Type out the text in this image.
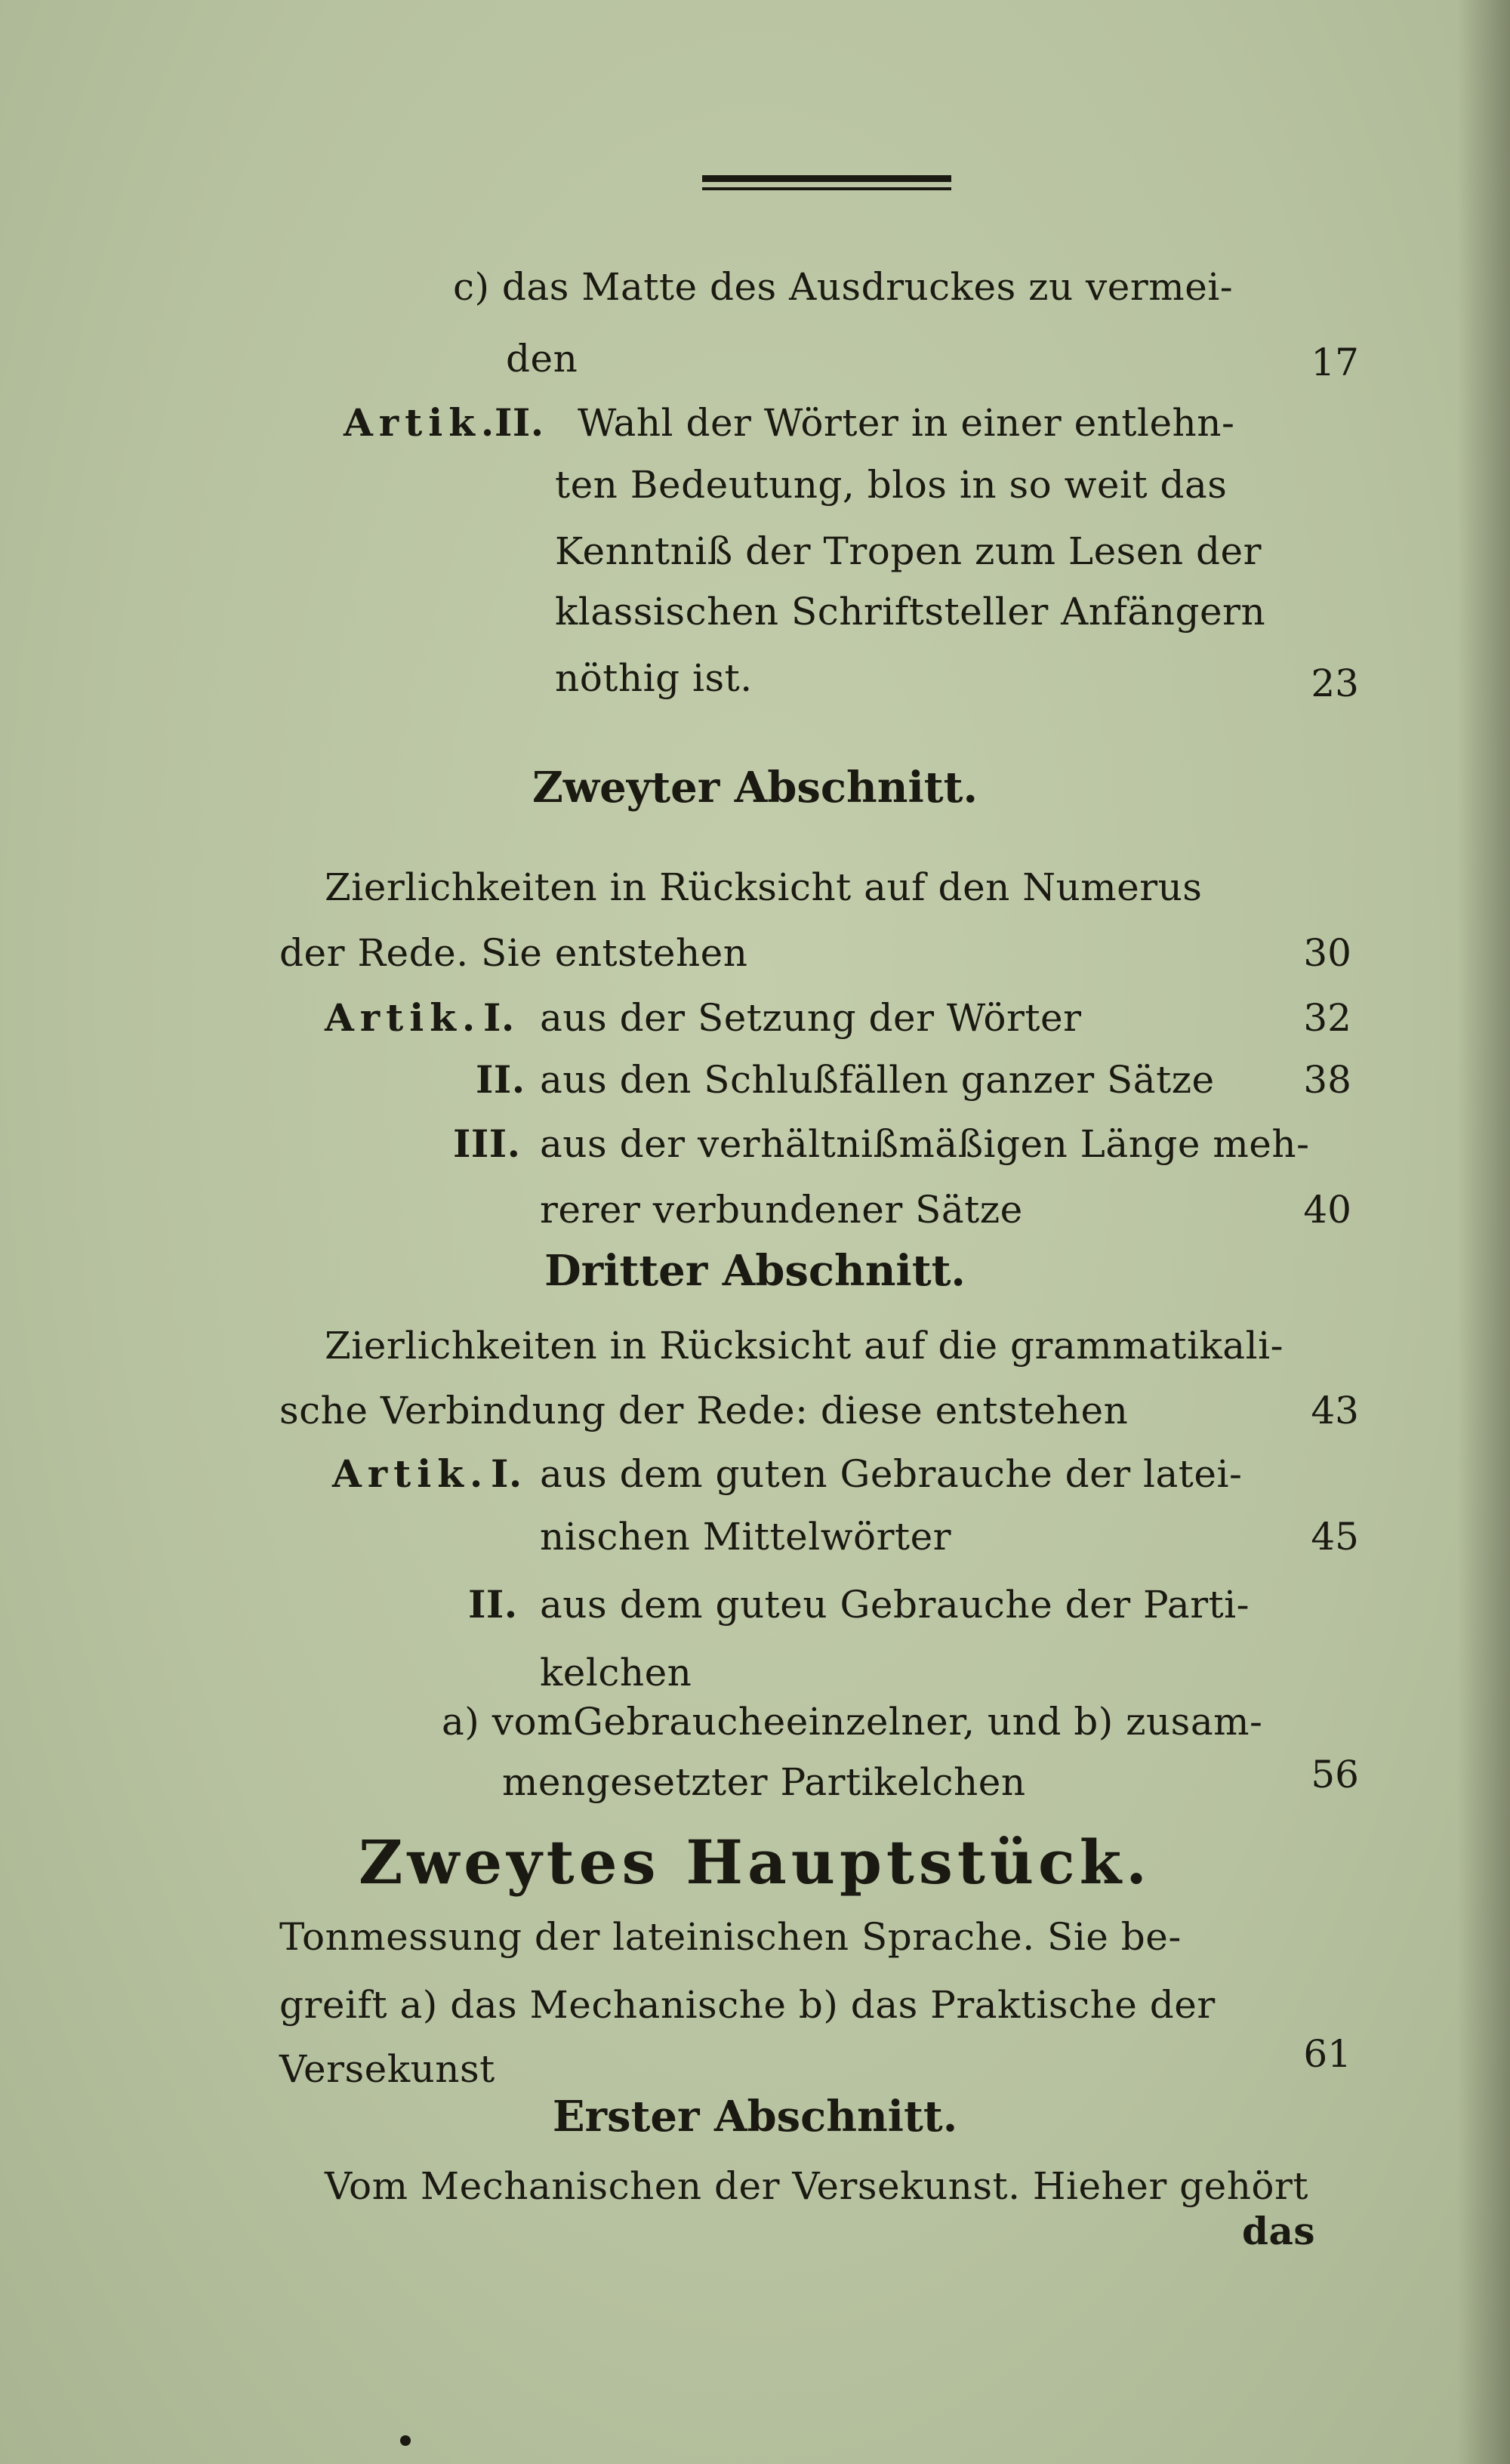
c) das Matte des Ausdruckes zu vermei-
den	17
Artik.
II. Wahl der Wörter in einer entlehn-
ten Bedeutung, blos in so weit das
Kenntniß der Tropen zum Lesen der
klassischen Schriftsteller Anfängern
nöthig ist.	23
Zweyter Abschnitt.
Zierlichkeiten in Rücksicht auf den Numerus
der Rede. Sie entstehen	30
Artik. I. aus der Setzung der Wörter	32
II. aus den Schlußfällen ganzer Sätze	38
III. aus der verhältnißmäßigen Länge meh-
rerer verbundener Sätze	40
Dritter Abschnitt.
Zierlichkeiten in Rücksicht auf die grammatikali-
sche Verbindung der Rede: diese entstehen	43
Artik. I. aus dem guten Gebrauche der latei-
nischen Mittelwörter	45
II. aus dem guteu Gebrauche der Parti-
kelchen
a) vomGebraucheeinzelner, und b) zusam-
mengesetzter Partikelchen	56
Zweytes Hauptstück.
Tonmessung der lateinischen Sprache. Sie be-
greift a) das Mechanische b) das Praktische der
Versekunst	61
Erster Abschnitt.
Vom Mechanischen der Versekunst. Hieher gehört
das
